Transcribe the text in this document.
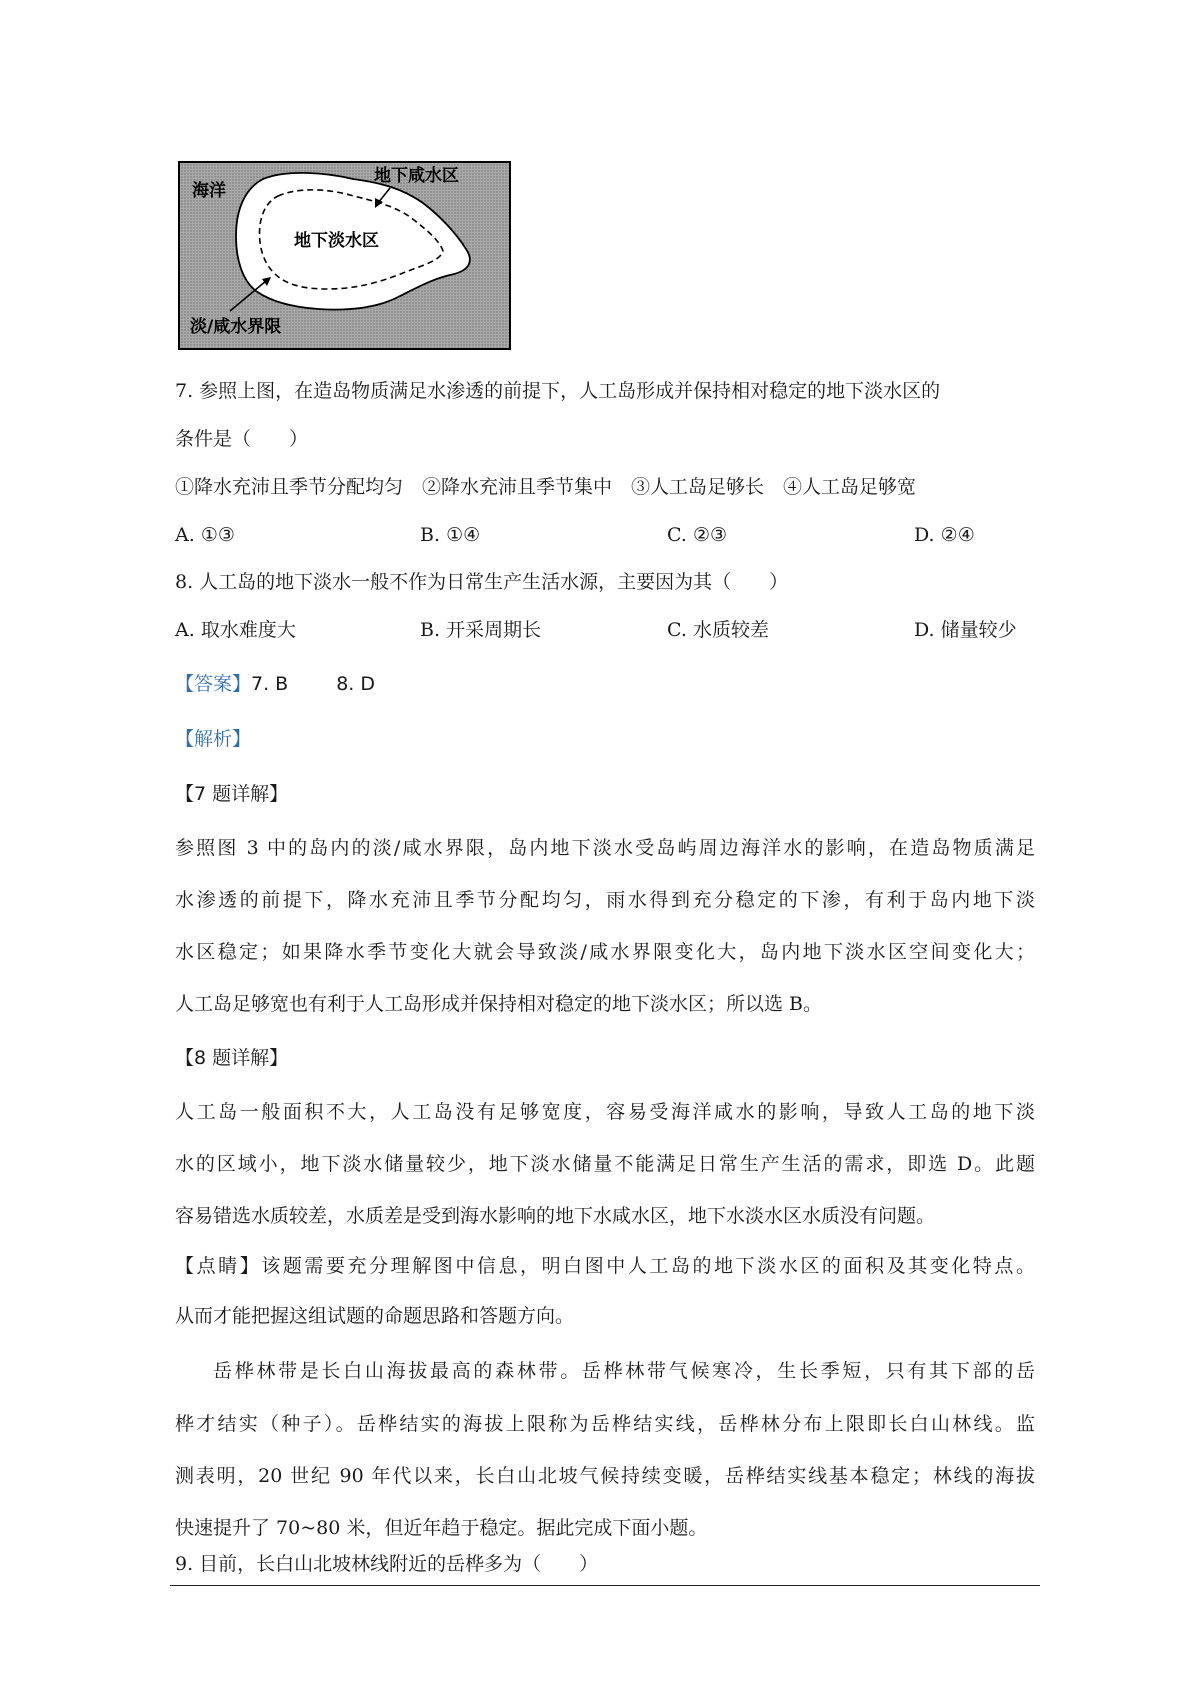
海洋
地下咸水区
地下淡水区
淡/咸水界限
7. 参照上图，在造岛物质满足水渗透的前提下，人工岛形成并保持相对稳定的地下淡水区的
条件是（　　）
①降水充沛且季节分配均匀　②降水充沛且季节集中　③人工岛足够长　④人工岛足够宽
A. ①③	B. ①④	C. ②③	D. ②④
8. 人工岛的地下淡水一般不作为日常生产生活水源，主要因为其（　　）
A. 取水难度大	B. 开采周期长	C. 水质较差	D. 储量较少
【答案】7. B	8. D
【解析】
【7 题详解】
参照图 3 中的岛内的淡/咸水界限，岛内地下淡水受岛屿周边海洋水的影响，在造岛物质满足
水渗透的前提下，降水充沛且季节分配均匀，雨水得到充分稳定的下渗，有利于岛内地下淡
水区稳定；如果降水季节变化大就会导致淡/咸水界限变化大，岛内地下淡水区空间变化大；
人工岛足够宽也有利于人工岛形成并保持相对稳定的地下淡水区；所以选 B。
【8 题详解】
人工岛一般面积不大，人工岛没有足够宽度，容易受海洋咸水的影响，导致人工岛的地下淡
水的区域小，地下淡水储量较少，地下淡水储量不能满足日常生产生活的需求，即选 D。此题
容易错选水质较差，水质差是受到海水影响的地下水咸水区，地下水淡水区水质没有问题。
【点睛】该题需要充分理解图中信息，明白图中人工岛的地下淡水区的面积及其变化特点。
从而才能把握这组试题的命题思路和答题方向。
岳桦林带是长白山海拔最高的森林带。岳桦林带气候寒冷，生长季短，只有其下部的岳
桦才结实（种子）。岳桦结实的海拔上限称为岳桦结实线，岳桦林分布上限即长白山林线。监
测表明，20 世纪 90 年代以来，长白山北坡气候持续变暖，岳桦结实线基本稳定；林线的海拔
快速提升了 70~80 米，但近年趋于稳定。据此完成下面小题。
9. 目前，长白山北坡林线附近的岳桦多为（　　）
